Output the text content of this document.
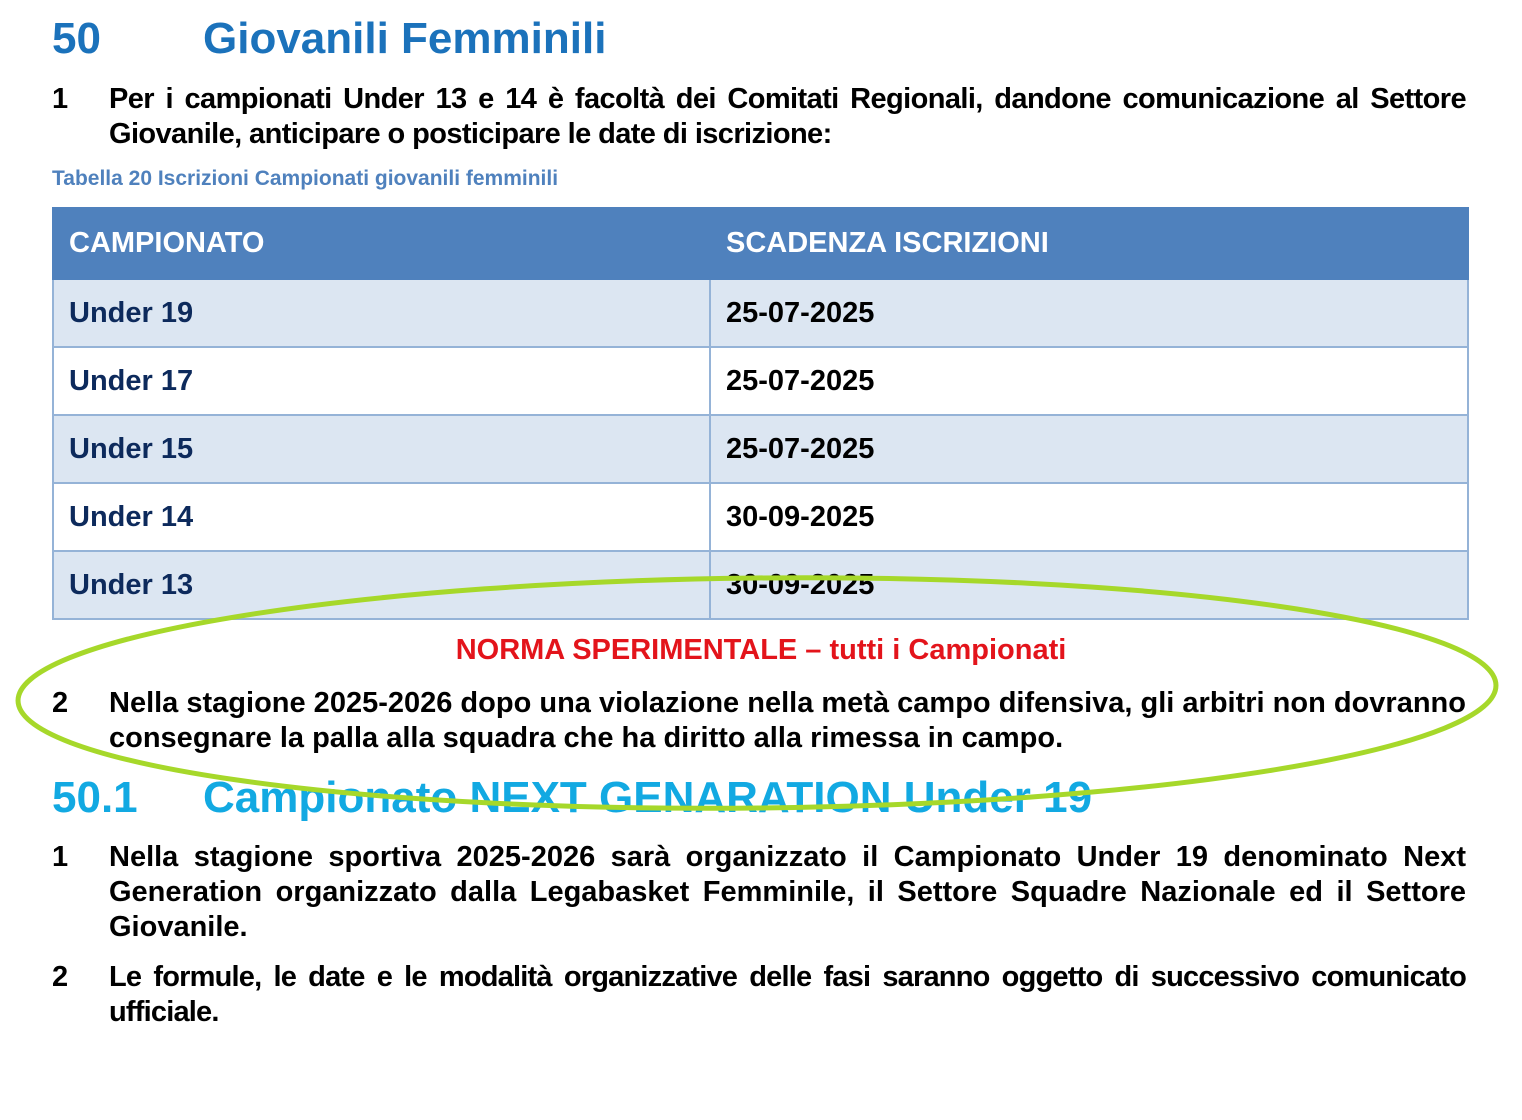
50 Giovanili Femminili
1	Per i campionati Under 13 e 14 è facoltà dei Comitati Regionali, dandone comunicazione al Settore Giovanile, anticipare o posticipare le date di iscrizione:
Tabella 20 Iscrizioni Campionati giovanili femminili
CAMPIONATO	SCADENZA ISCRIZIONI
Under 19	25-07-2025
Under 17	25-07-2025
Under 15	25-07-2025
Under 14	30-09-2025
Under 13	30-09-2025
NORMA SPERIMENTALE – tutti i Campionati
2	Nella stagione 2025-2026 dopo una violazione nella metà campo difensiva, gli arbitri non dovranno consegnare la palla alla squadra che ha diritto alla rimessa in campo.
50.1 Campionato NEXT GENARATION Under 19
1	Nella stagione sportiva 2025-2026 sarà organizzato il Campionato Under 19 denominato Next Generation organizzato dalla Legabasket Femminile, il Settore Squadre Nazionale ed il Settore Giovanile.
2	Le formule, le date e le modalità organizzative delle fasi saranno oggetto di successivo comunicato ufficiale.
